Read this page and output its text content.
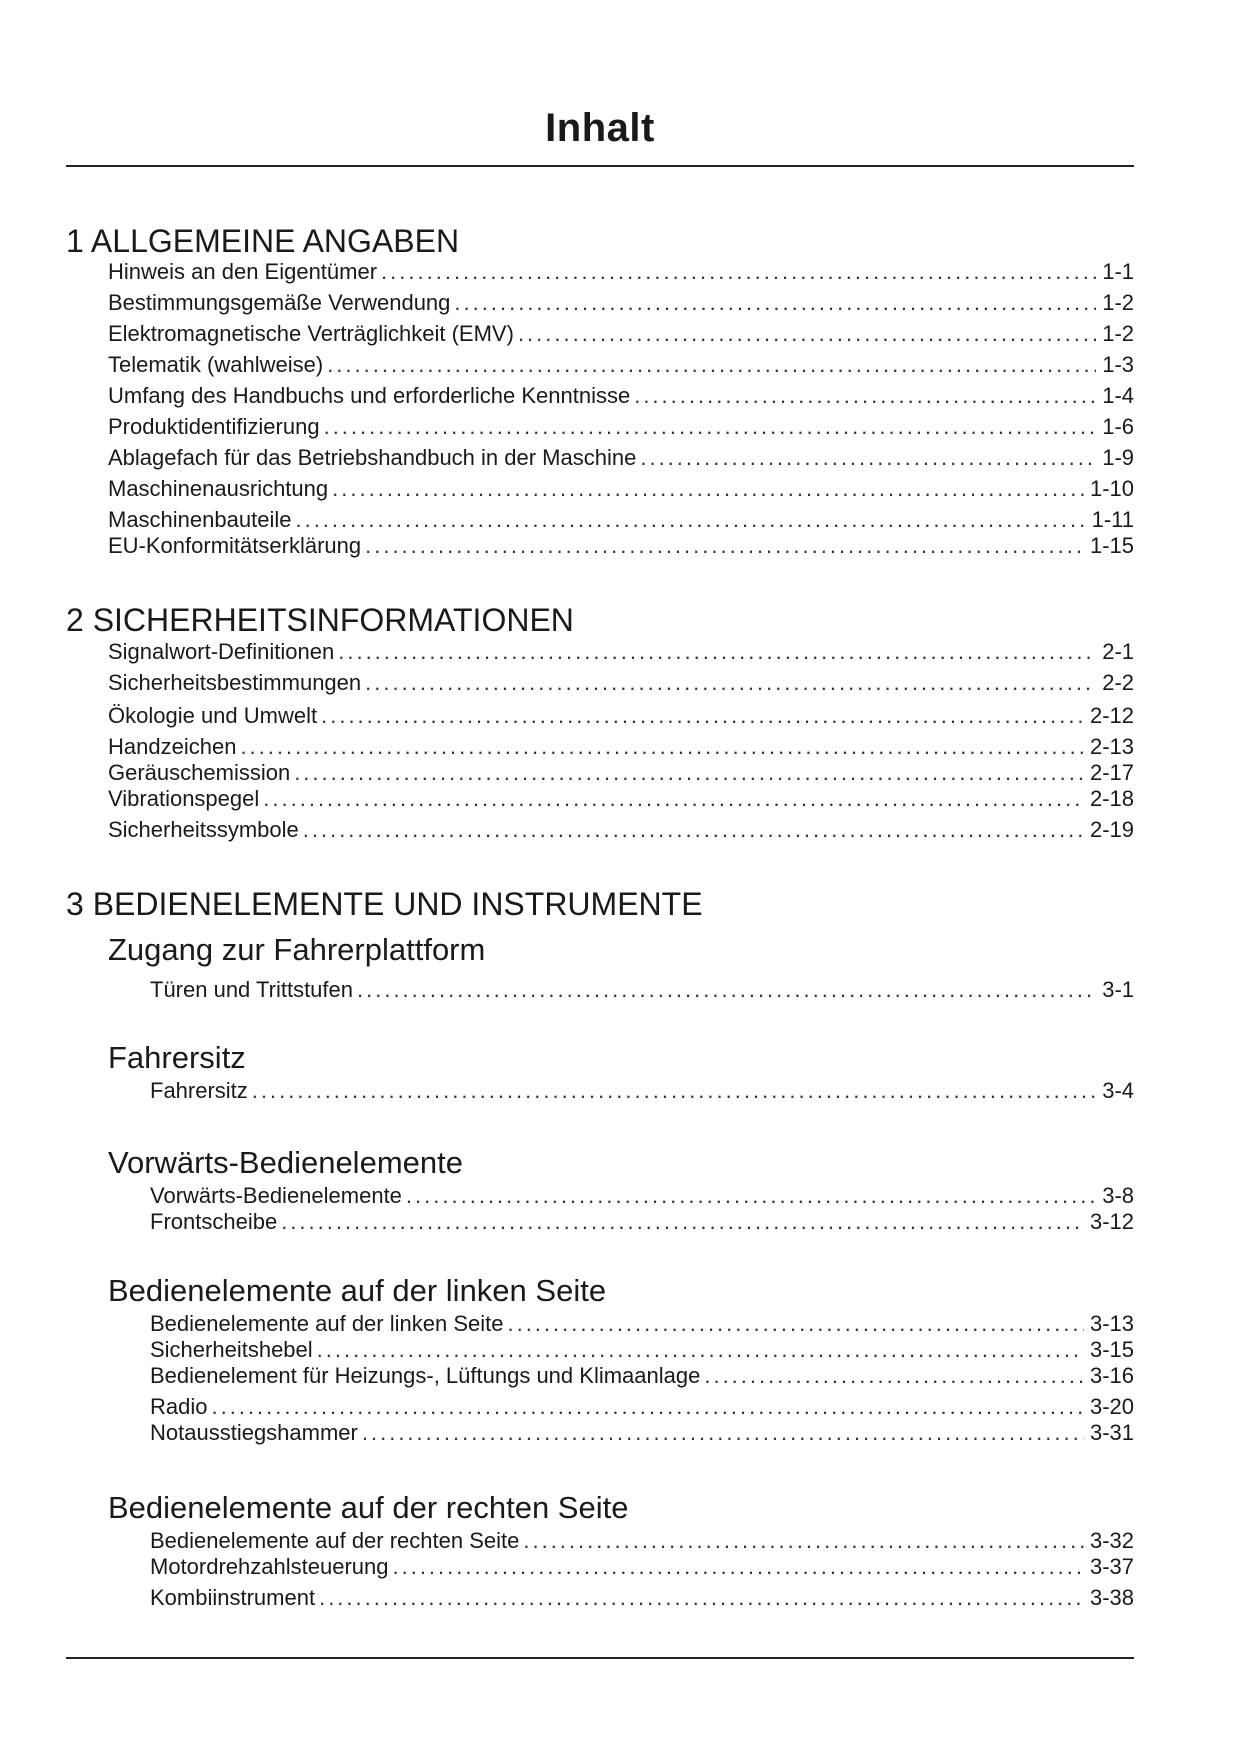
Inhalt
1 ALLGEMEINE ANGABEN
Hinweis an den Eigentümer .....	1-1
Bestimmungsgemäße Verwendung .....	1-2
Elektromagnetische Verträglichkeit (EMV) .....	1-2
Telematik (wahlweise) .....	1-3
Umfang des Handbuchs und erforderliche Kenntnisse .....	1-4
Produktidentifizierung .....	1-6
Ablagefach für das Betriebshandbuch in der Maschine .....	1-9
Maschinenausrichtung .....	1-10
Maschinenbauteile .....	1-11
EU-Konformitätserklärung .....	1-15
2 SICHERHEITSINFORMATIONEN
Signalwort-Definitionen .....	2-1
Sicherheitsbestimmungen .....	2-2
Ökologie und Umwelt .....	2-12
Handzeichen .....	2-13
Geräuschemission .....	2-17
Vibrationspegel .....	2-18
Sicherheitssymbole .....	2-19
3 BEDIENELEMENTE UND INSTRUMENTE
Zugang zur Fahrerplattform
Türen und Trittstufen .....	3-1
Fahrersitz
Fahrersitz .....	3-4
Vorwärts-Bedienelemente
Vorwärts-Bedienelemente .....	3-8
Frontscheibe .....	3-12
Bedienelemente auf der linken Seite
Bedienelemente auf der linken Seite .....	3-13
Sicherheitshebel .....	3-15
Bedienelement für Heizungs-, Lüftungs und Klimaanlage .....	3-16
Radio .....	3-20
Notausstiegshammer .....	3-31
Bedienelemente auf der rechten Seite
Bedienelemente auf der rechten Seite .....	3-32
Motordrehzahlsteuerung .....	3-37
Kombiinstrument .....	3-38
